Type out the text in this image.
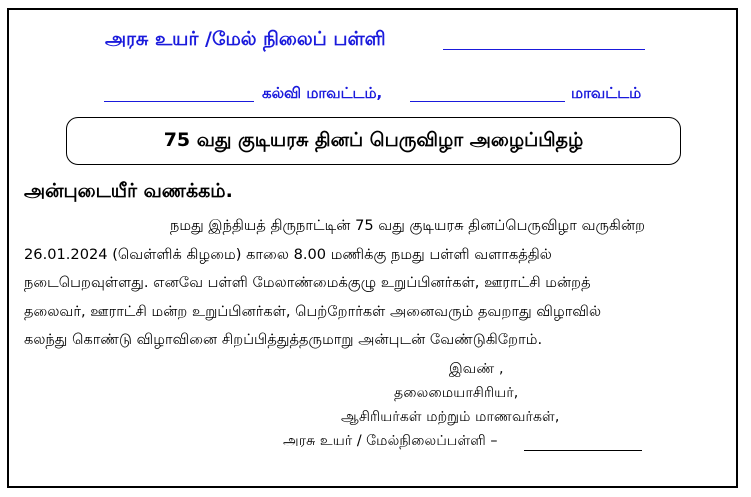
அரசு உயர் /மேல் நிலைப் பள்ளி
கல்வி மாவட்டம்,	மாவட்டம்
75 வது குடியரசு தினப் பெருவிழா அழைப்பிதழ்
அன்புடையீர் வணக்கம்.
நமது இந்தியத் திருநாட்டின் 75 வது குடியரசு தினப்பெருவிழா வருகின்ற
26.01.2024 (வெள்ளிக் கிழமை) காலை 8.00 மணிக்கு நமது பள்ளி வளாகத்தில்
நடைபெறவுள்ளது. எனவே பள்ளி மேலாண்மைக்குழு உறுப்பினர்கள், ஊராட்சி மன்றத்
தலைவர், ஊராட்சி மன்ற உறுப்பினர்கள், பெற்றோர்கள் அனைவரும் தவறாது விழாவில்
கலந்து கொண்டு விழாவினை சிறப்பித்துத்தருமாறு அன்புடன் வேண்டுகிறோம்.
இவண் ,
தலைமையாசிரியர்,
ஆசிரியர்கள் மற்றும் மாணவர்கள்,
அரசு உயர் / மேல்நிலைப்பள்ளி –
